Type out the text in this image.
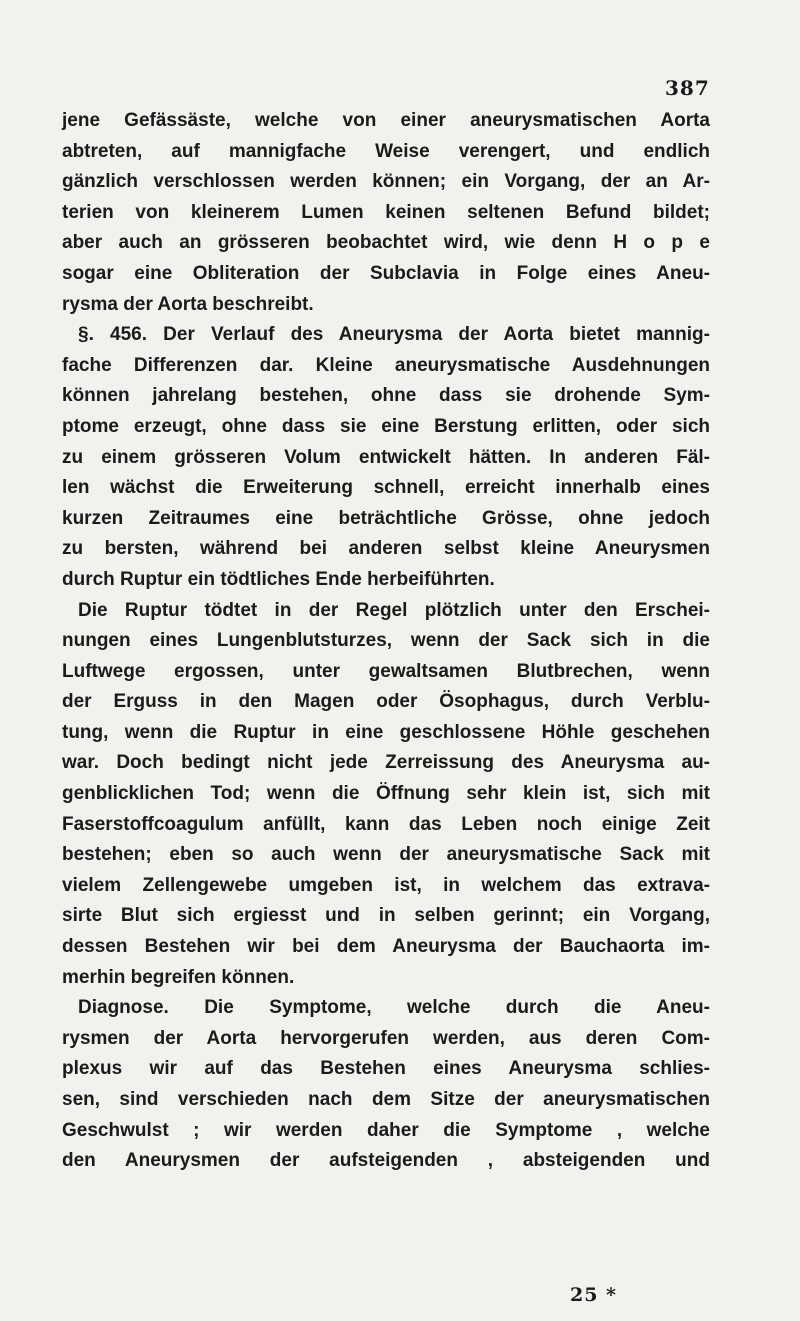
387
jene Gefässäste, welche von einer aneurysmatischen Aorta
abtreten, auf mannigfache Weise verengert, und endlich
gänzlich verschlossen werden können; ein Vorgang, der an Ar-
terien von kleinerem Lumen keinen seltenen Befund bildet;
aber auch an grösseren beobachtet wird, wie denn H o p e
sogar eine Obliteration der Subclavia in Folge eines Aneu-
rysma der Aorta beschreibt.
§. 456. Der Verlauf des Aneurysma der Aorta bietet mannig-
fache Differenzen dar. Kleine aneurysmatische Ausdehnungen
können jahrelang bestehen, ohne dass sie drohende Sym-
ptome erzeugt, ohne dass sie eine Berstung erlitten, oder sich
zu einem grösseren Volum entwickelt hätten. In anderen Fäl-
len wächst die Erweiterung schnell, erreicht innerhalb eines
kurzen Zeitraumes eine beträchtliche Grösse, ohne jedoch
zu bersten, während bei anderen selbst kleine Aneurysmen
durch Ruptur ein tödtliches Ende herbeiführten.
Die Ruptur tödtet in der Regel plötzlich unter den Erschei-
nungen eines Lungenblutsturzes, wenn der Sack sich in die
Luftwege ergossen, unter gewaltsamen Blutbrechen, wenn
der Erguss in den Magen oder Ösophagus, durch Verblu-
tung, wenn die Ruptur in eine geschlossene Höhle geschehen
war. Doch bedingt nicht jede Zerreissung des Aneurysma au-
genblicklichen Tod; wenn die Öffnung sehr klein ist, sich mit
Faserstoffcoagulum anfüllt, kann das Leben noch einige Zeit
bestehen; eben so auch wenn der aneurysmatische Sack mit
vielem Zellengewebe umgeben ist, in welchem das extrava-
sirte Blut sich ergiesst und in selben gerinnt; ein Vorgang,
dessen Bestehen wir bei dem Aneurysma der Bauchaorta im-
merhin begreifen können.
Diagnose. Die Symptome, welche durch die Aneu-
rysmen der Aorta hervorgerufen werden, aus deren Com-
plexus wir auf das Bestehen eines Aneurysma schlies-
sen, sind verschieden nach dem Sitze der aneurysmatischen
Geschwulst ; wir werden daher die Symptome , welche
den Aneurysmen der aufsteigenden , absteigenden und
25 *
